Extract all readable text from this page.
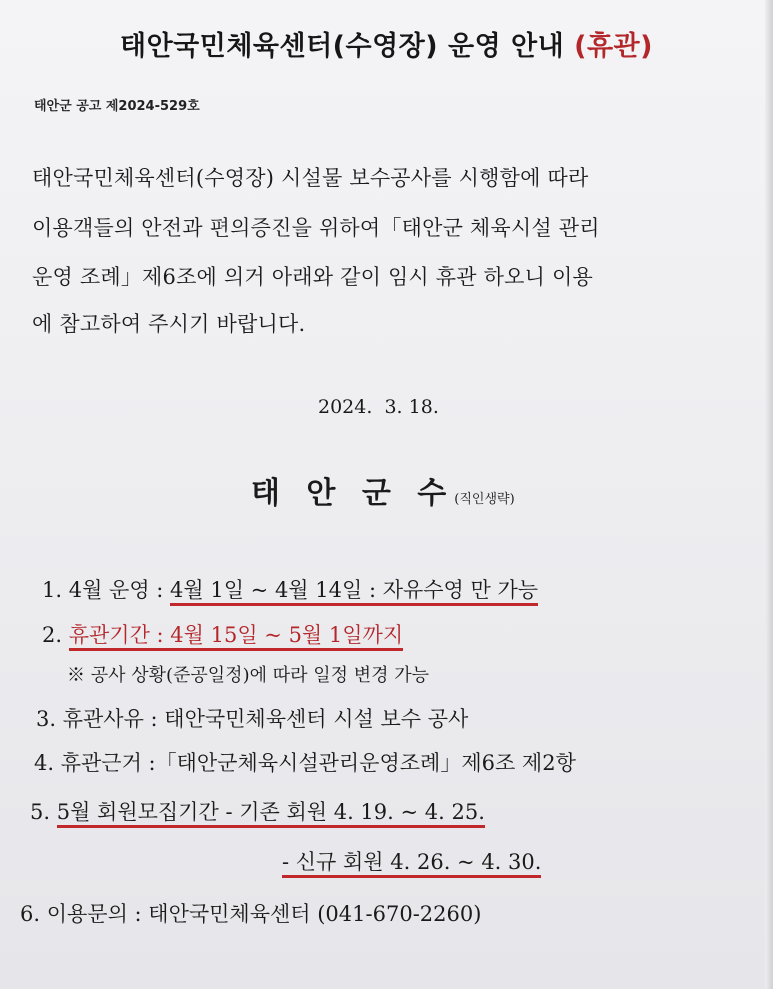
태안국민체육센터(수영장) 운영 안내 (휴관)
태안군 공고 제2024-529호
태안국민체육센터(수영장) 시설물 보수공사를 시행함에 따라
이용객들의 안전과 편의증진을 위하여「태안군 체육시설 관리
운영 조례」제6조에 의거 아래와 같이 임시 휴관 하오니 이용
에 참고하여 주시기 바랍니다.
2024.  3. 18.
태 안 군 수(직인생략)
1. 4월 운영 : 4월 1일 ~ 4월 14일 : 자유수영 만 가능
2. 휴관기간 : 4월 15일 ~ 5월 1일까지
※ 공사 상황(준공일정)에 따라 일정 변경 가능
3. 휴관사유 : 태안국민체육센터 시설 보수 공사
4. 휴관근거 :「태안군체육시설관리운영조례」제6조 제2항
5. 5월 회원모집기간 - 기존 회원 4. 19. ~ 4. 25.
- 신규 회원 4. 26. ~ 4. 30.
6. 이용문의 : 태안국민체육센터 (041-670-2260)
